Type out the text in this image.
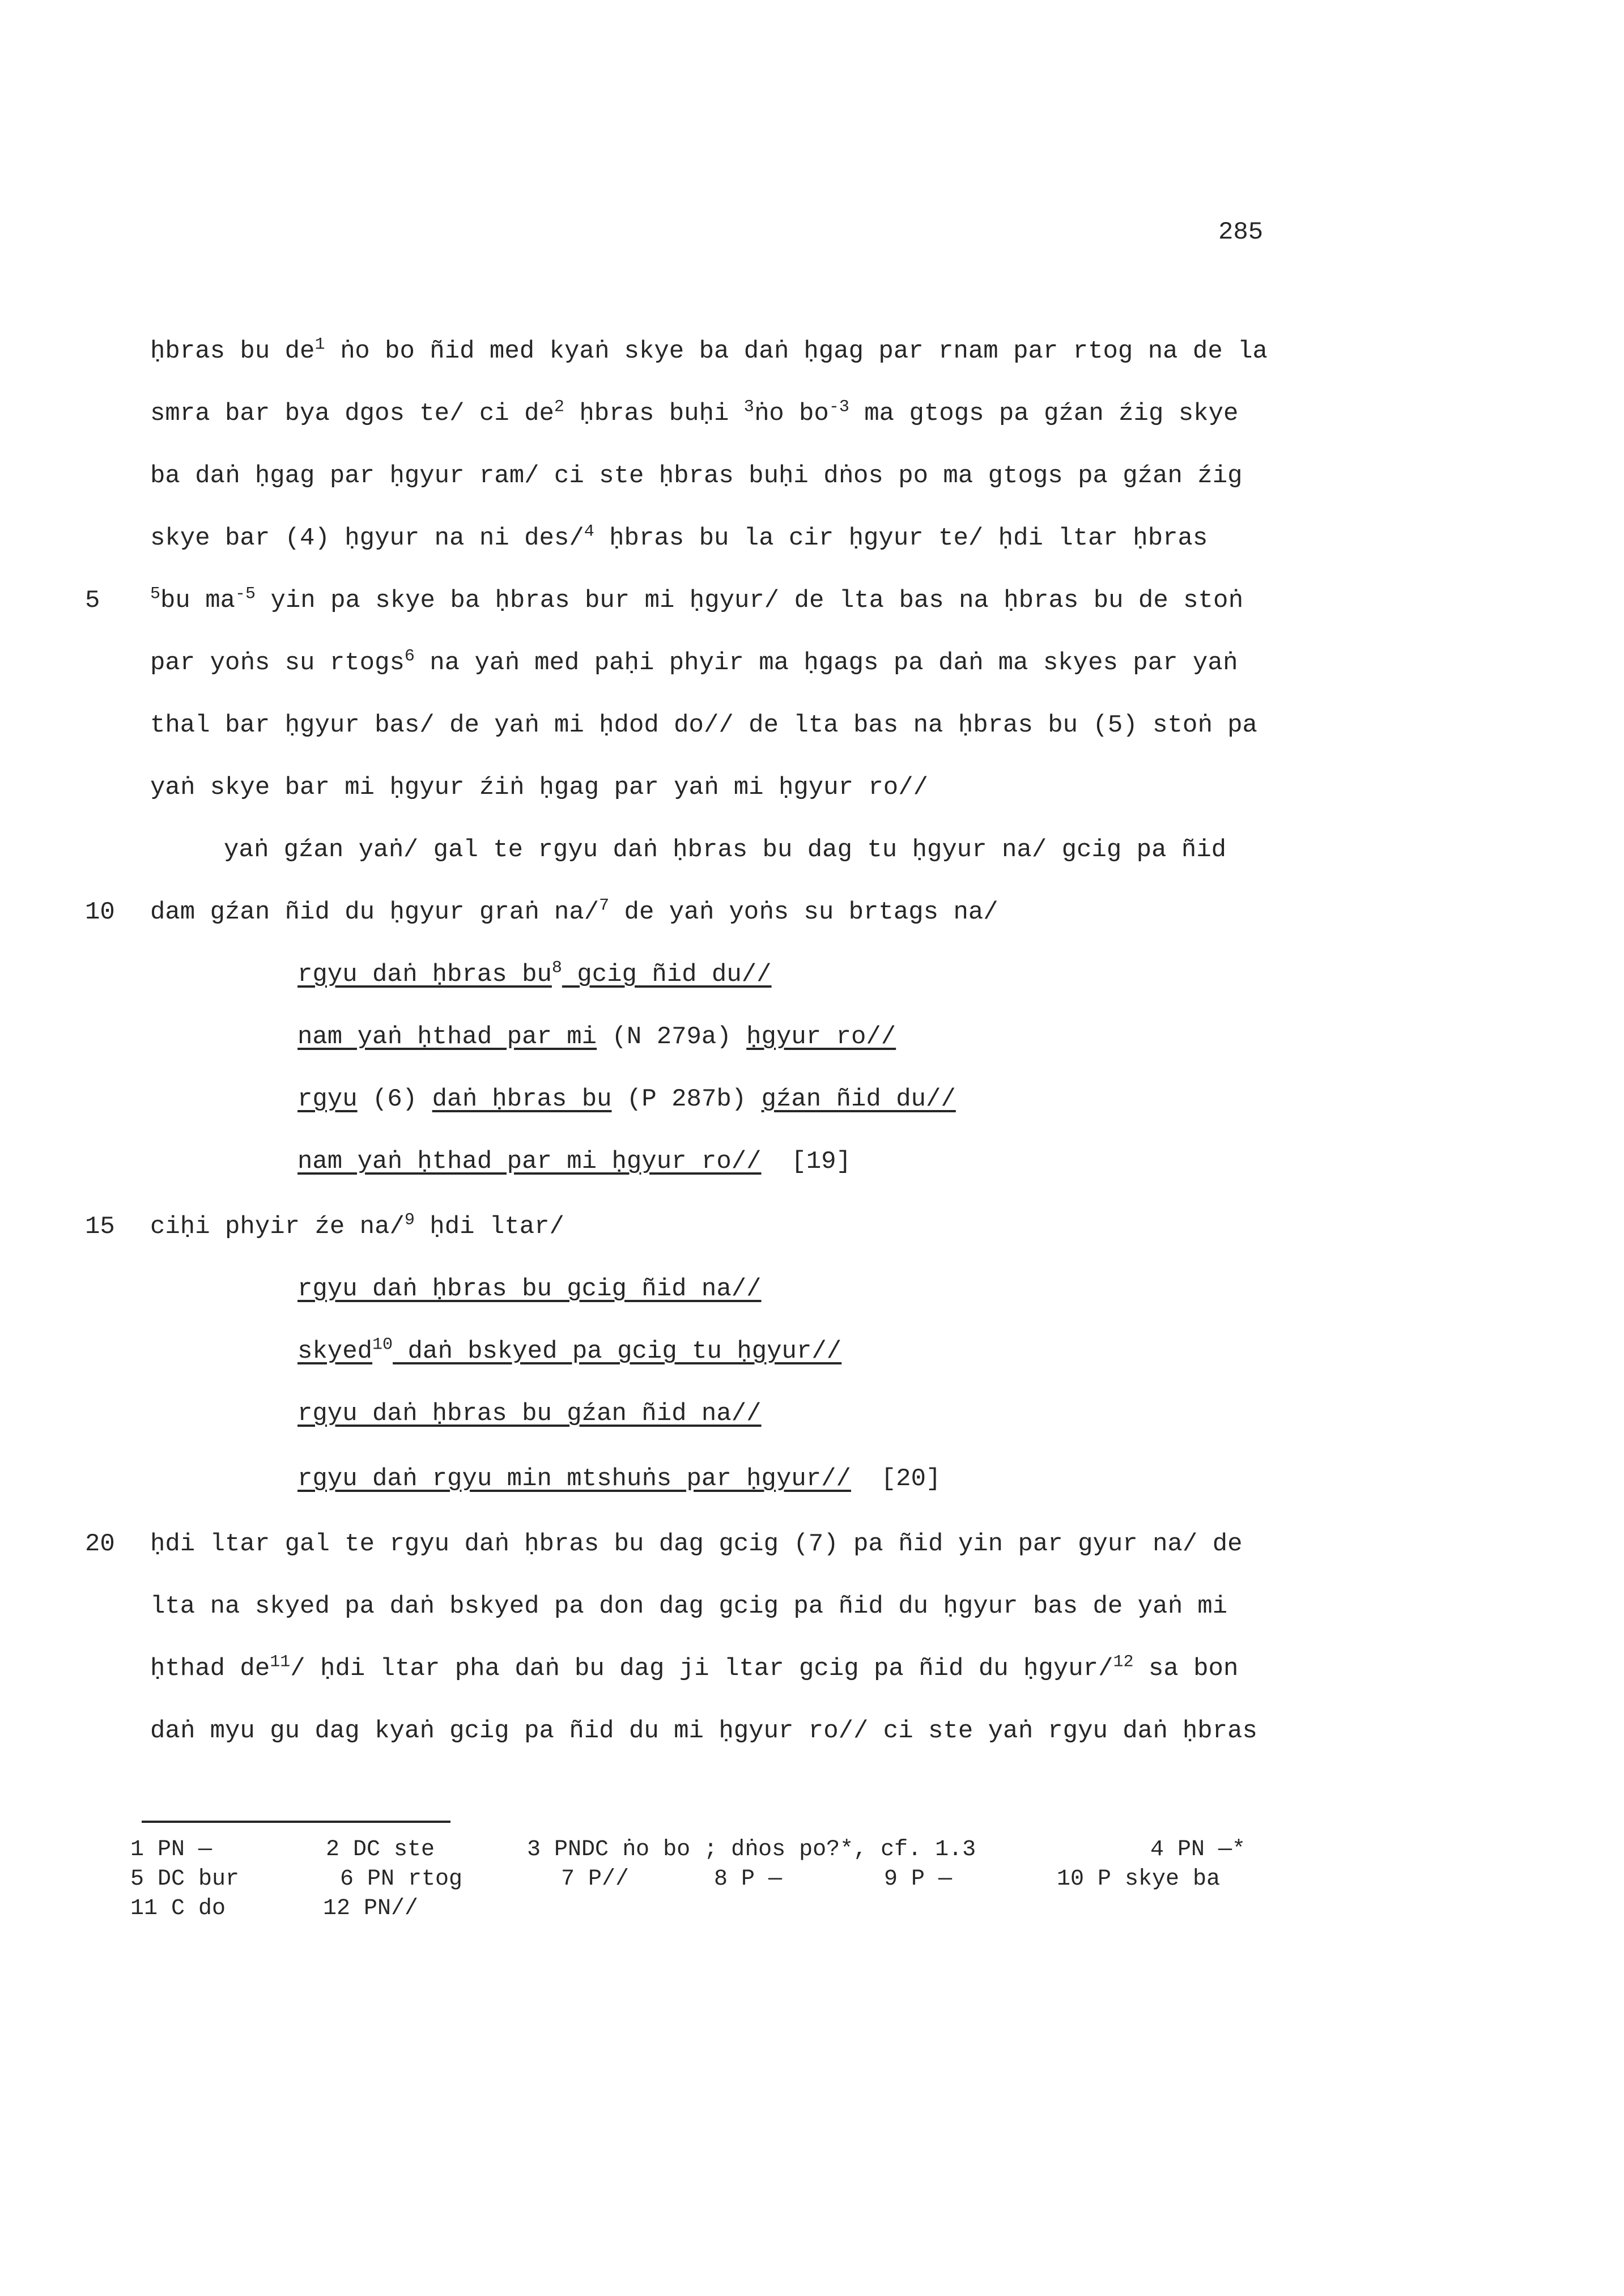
285
ḥbras bu $de^1$ ṅo bo ñid med kyaṅ skye ba daṅ ḥgag par rnam par rtog na de la
smra bar bya dgos te/ ci $de^2$ ḥbras buḥi $^3$ṅo $bo^{-3}$ ma gtogs pa gźan źig skye
ba daṅ ḥgag par ḥgyur ram/ ci ste ḥbras buḥi dṅos po ma gtogs pa gźan źig
skye bar (4) ḥgyur na ni des/$^4$ ḥbras bu la cir ḥgyur te/ ḥdi ltar ḥbras
5	$^5$bu $ma^{-5}$ yin pa skye ba ḥbras bur mi ḥgyur/ de lta bas na ḥbras bu de stoṅ
par yoṅs su rtogs$^6$ na yaṅ med paḥi phyir ma ḥgags pa daṅ ma skyes par yaṅ
thal bar ḥgyur bas/ de yaṅ mi ḥdod do// de lta bas na ḥbras bu (5) stoṅ pa
yaṅ skye bar mi ḥgyur źiṅ ḥgag par yaṅ mi ḥgyur ro//
yaṅ gźan yaṅ/ gal te rgyu daṅ ḥbras bu dag tu ḥgyur na/ gcig pa ñid
10	dam gźan ñid du ḥgyur graṅ na/$^7$ de yaṅ yoṅs su brtags na/
rgyu daṅ ḥbras $bu^8$ gcig ñid du//
nam yaṅ ḥthad par mi (N 279a) ḥgyur ro//
rgyu (6) daṅ ḥbras bu (P 287b) gźan ñid du//
nam yaṅ ḥthad par mi ḥgyur ro//  [19]
15	ciḥi phyir źe na/$^9$ ḥdi ltar/
rgyu daṅ ḥbras bu gcig ñid na//
skyed$^{10}$ daṅ bskyed pa gcig tu ḥgyur//
rgyu daṅ ḥbras bu gźan ñid na//
rgyu daṅ rgyu min mtshuṅs par ḥgyur//  [20]
20	ḥdi ltar gal te rgyu daṅ ḥbras bu dag gcig (7) pa ñid yin par gyur na/ de
lta na skyed pa daṅ bskyed pa don dag gcig pa ñid du ḥgyur bas de yaṅ mi
ḥthad $de^{11}/$ ḥdi ltar pha daṅ bu dag ji ltar gcig pa ñid du ḥgyur/$^{12}$ sa bon
daṅ myu gu dag kyaṅ gcig pa ñid du mi ḥgyur ro// ci ste yaṅ rgyu daṅ ḥbras
1 PN —	2 DC ste	3 PNDC ṅo bo ; dṅos po?*, cf. 1.3	4 PN —*
5 DC bur	6 PN rtog	7 P//	8 P —	9 P —	10 P skye ba
11 C do	12 PN//
